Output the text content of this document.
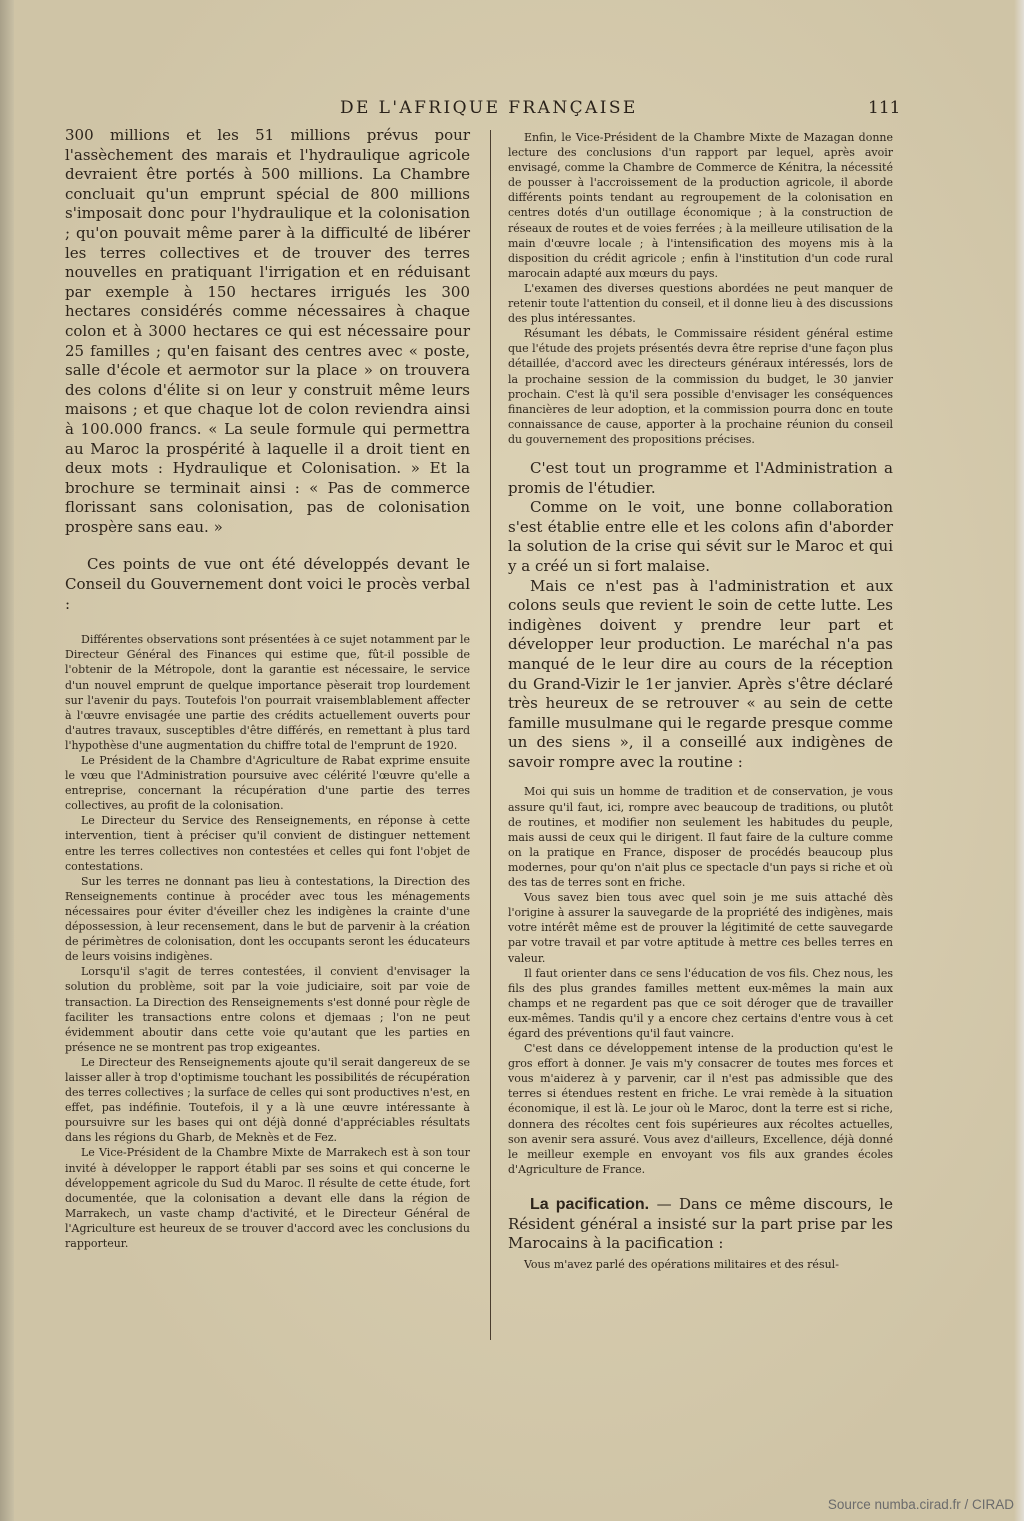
DE L'AFRIQUE FRANÇAISE	111

300 millions et les 51 millions prévus pour l'assèchement des marais et l'hydraulique agricole devraient être portés à 500 millions. La Chambre concluait qu'un emprunt spécial de 800 millions s'imposait donc pour l'hydraulique et la colonisation ; qu'on pouvait même parer à la difficulté de libérer les terres collectives et de trouver des terres nouvelles en pratiquant l'irrigation et en réduisant par exemple à 150 hectares irrigués les 300 hectares considérés comme nécessaires à chaque colon et à 3000 hectares ce qui est nécessaire pour 25 familles ; qu'en faisant des centres avec « poste, salle d'école et aermotor sur la place » on trouvera des colons d'élite si on leur y construit même leurs maisons ; et que chaque lot de colon reviendra ainsi à 100.000 francs. « La seule formule qui permettra au Maroc la prospérité à laquelle il a droit tient en deux mots : Hydraulique et Colonisation. » Et la brochure se terminait ainsi : « Pas de commerce florissant sans colonisation, pas de colonisation prospère sans eau. »

Ces points de vue ont été développés devant le Conseil du Gouvernement dont voici le procès verbal :

Différentes observations sont présentées à ce sujet notamment par le Directeur Général des Finances qui estime que, fût-il possible de l'obtenir de la Métropole, dont la garantie est nécessaire, le service d'un nouvel emprunt de quelque importance pèserait trop lourdement sur l'avenir du pays. Toutefois l'on pourrait vraisemblablement affecter à l'œuvre envisagée une partie des crédits actuellement ouverts pour d'autres travaux, susceptibles d'être différés, en remettant à plus tard l'hypothèse d'une augmentation du chiffre total de l'emprunt de 1920.

Le Président de la Chambre d'Agriculture de Rabat exprime ensuite le vœu que l'Administration poursuive avec célérité l'œuvre qu'elle a entreprise, concernant la récupération d'une partie des terres collectives, au profit de la colonisation.

Le Directeur du Service des Renseignements, en réponse à cette intervention, tient à préciser qu'il convient de distinguer nettement entre les terres collectives non contestées et celles qui font l'objet de contestations.

Sur les terres ne donnant pas lieu à contestations, la Direction des Renseignements continue à procéder avec tous les ménagements nécessaires pour éviter d'éveiller chez les indigènes la crainte d'une dépossession, à leur recensement, dans le but de parvenir à la création de périmètres de colonisation, dont les occupants seront les éducateurs de leurs voisins indigènes.

Lorsqu'il s'agit de terres contestées, il convient d'envisager la solution du problème, soit par la voie judiciaire, soit par voie de transaction. La Direction des Renseignements s'est donné pour règle de faciliter les transactions entre colons et djemaas ; l'on ne peut évidemment aboutir dans cette voie qu'autant que les parties en présence ne se montrent pas trop exigeantes.

Le Directeur des Renseignements ajoute qu'il serait dangereux de se laisser aller à trop d'optimisme touchant les possibilités de récupération des terres collectives ; la surface de celles qui sont productives n'est, en effet, pas indéfinie. Toutefois, il y a là une œuvre intéressante à poursuivre sur les bases qui ont déjà donné d'appréciables résultats dans les régions du Gharb, de Meknès et de Fez.

Le Vice-Président de la Chambre Mixte de Marrakech est à son tour invité à développer le rapport établi par ses soins et qui concerne le développement agricole du Sud du Maroc. Il résulte de cette étude, fort documentée, que la colonisation a devant elle dans la région de Marrakech, un vaste champ d'activité, et le Directeur Général de l'Agriculture est heureux de se trouver d'accord avec les conclusions du rapporteur.

Enfin, le Vice-Président de la Chambre Mixte de Mazagan donne lecture des conclusions d'un rapport par lequel, après avoir envisagé, comme la Chambre de Commerce de Kénitra, la nécessité de pousser à l'accroissement de la production agricole, il aborde différents points tendant au regroupement de la colonisation en centres dotés d'un outillage économique ; à la construction de réseaux de routes et de voies ferrées ; à la meilleure utilisation de la main d'œuvre locale ; à l'intensification des moyens mis à la disposition du crédit agricole ; enfin à l'institution d'un code rural marocain adapté aux mœurs du pays.

L'examen des diverses questions abordées ne peut manquer de retenir toute l'attention du conseil, et il donne lieu à des discussions des plus intéressantes.

Résumant les débats, le Commissaire résident général estime que l'étude des projets présentés devra être reprise d'une façon plus détaillée, d'accord avec les directeurs généraux intéressés, lors de la prochaine session de la commission du budget, le 30 janvier prochain. C'est là qu'il sera possible d'envisager les conséquences financières de leur adoption, et la commission pourra donc en toute connaissance de cause, apporter à la prochaine réunion du conseil du gouvernement des propositions précises.

C'est tout un programme et l'Administration a promis de l'étudier.

Comme on le voit, une bonne collaboration s'est établie entre elle et les colons afin d'aborder la solution de la crise qui sévit sur le Maroc et qui y a créé un si fort malaise.

Mais ce n'est pas à l'administration et aux colons seuls que revient le soin de cette lutte. Les indigènes doivent y prendre leur part et développer leur production. Le maréchal n'a pas manqué de le leur dire au cours de la réception du Grand-Vizir le 1er janvier. Après s'être déclaré très heureux de se retrouver « au sein de cette famille musulmane qui le regarde presque comme un des siens », il a conseillé aux indigènes de savoir rompre avec la routine :

Moi qui suis un homme de tradition et de conservation, je vous assure qu'il faut, ici, rompre avec beaucoup de traditions, ou plutôt de routines, et modifier non seulement les habitudes du peuple, mais aussi de ceux qui le dirigent. Il faut faire de la culture comme on la pratique en France, disposer de procédés beaucoup plus modernes, pour qu'on n'ait plus ce spectacle d'un pays si riche et où des tas de terres sont en friche.

Vous savez bien tous avec quel soin je me suis attaché dès l'origine à assurer la sauvegarde de la propriété des indigènes, mais votre intérêt même est de prouver la légitimité de cette sauvegarde par votre travail et par votre aptitude à mettre ces belles terres en valeur.

Il faut orienter dans ce sens l'éducation de vos fils. Chez nous, les fils des plus grandes familles mettent eux-mêmes la main aux champs et ne regardent pas que ce soit déroger que de travailler eux-mêmes. Tandis qu'il y a encore chez certains d'entre vous à cet égard des préventions qu'il faut vaincre.

C'est dans ce développement intense de la production qu'est le gros effort à donner. Je vais m'y consacrer de toutes mes forces et vous m'aiderez à y parvenir, car il n'est pas admissible que des terres si étendues restent en friche. Le vrai remède à la situation économique, il est là. Le jour où le Maroc, dont la terre est si riche, donnera des récoltes cent fois supérieures aux récoltes actuelles, son avenir sera assuré. Vous avez d'ailleurs, Excellence, déjà donné le meilleur exemple en envoyant vos fils aux grandes écoles d'Agriculture de France.

La pacification. — Dans ce même discours, le Résident général a insisté sur la part prise par les Marocains à la pacification :

Vous m'avez parlé des opérations militaires et des résul-

Source numba.cirad.fr / CIRAD
